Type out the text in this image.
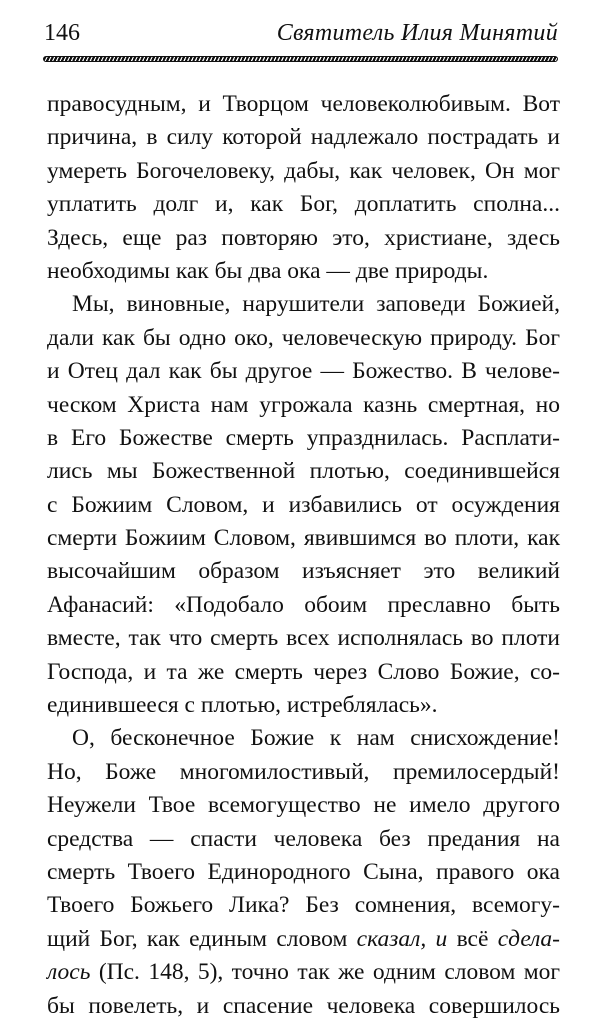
146	Святитель Илия Минятий
правосудным, и Творцом человеколюбивым. Вот
причина, в силу которой надлежало пострадать и
умереть Богочеловеку, дабы, как человек, Он мог
уплатить долг и, как Бог, доплатить сполна...
Здесь, еще раз повторяю это, христиане, здесь
необходимы как бы два ока — две природы.
Мы, виновные, нарушители заповеди Божией,
дали как бы одно око, человеческую природу. Бог
и Отец дал как бы другое — Божество. В челове-
ческом Христа нам угрожала казнь смертная, но
в Его Божестве смерть упразднилась. Расплати-
лись мы Божественной плотью, соединившейся
с Божиим Словом, и избавились от осуждения
смерти Божиим Словом, явившимся во плоти, как
высочайшим образом изъясняет это великий
Афанасий: «Подобало обоим преславно быть
вместе, так что смерть всех исполнялась во плоти
Господа, и та же смерть через Слово Божие, со-
единившееся с плотью, истреблялась».
О, бесконечное Божие к нам снисхождение!
Но, Боже многомилостивый, премилосердый!
Неужели Твое всемогущество не имело другого
средства — спасти человека без предания на
смерть Твоего Единородного Сына, правого ока
Твоего Божьего Лика? Без сомнения, всемогу-
щий Бог, как единым словом сказал, и всё сделa-
лось (Пс. 148, 5), точно так же одним словом мог
бы повелеть, и спасение человека совершилось
